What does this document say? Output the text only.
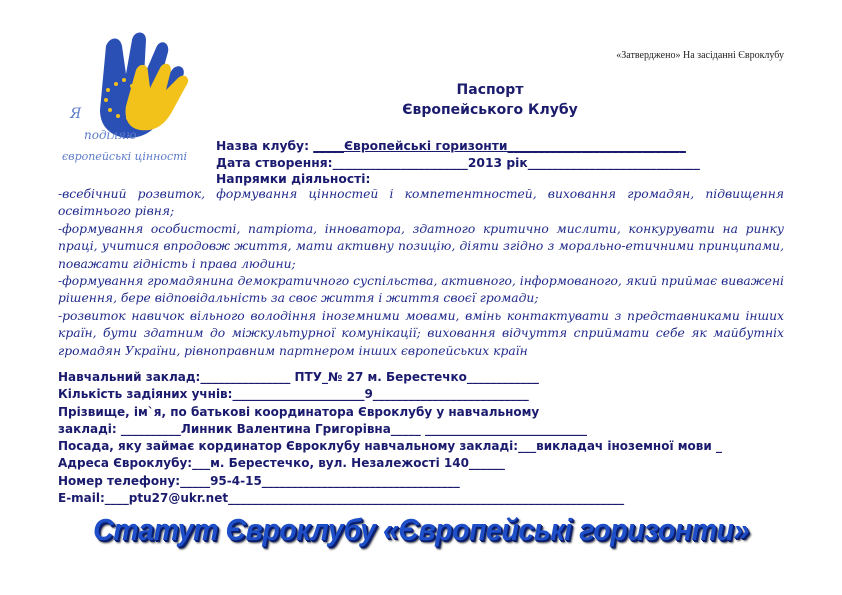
«Затверджено» На засіданні Євроклубу
Я
поділяю
європейські цінності
Паспорт
Європейського Клубу
Назва клубу: _____Європейські горизонти_____________________________
Дата створення:______________________2013 рік____________________________
Напрямки діяльності:

-всебічний розвиток, формування цінностей і компетентностей, виховання громадян, підвищення освітнього рівня;

-формування особистості, патріота, інноватора, здатного критично мислити, конкурувати на ринку праці, учитися впродовж життя, мати активну позицію, діяти згідно з морально-етичними принципами, поважати гідність і права людини;

-формування громадянина демократичного суспільства, активного, інформованого, який приймає виважені рішення, бере відповідальність за своє життя і життя своєї громади;

-розвиток навичок вільного володіння іноземними мовами, вмінь контактувати з представниками інших країн, бути здатним до міжкультурної комунікації; виховання відчуття сприймати себе як майбутніх громадян України, рівноправним партнером інших європейських країн

Навчальний заклад:_______________ ПТУ_№ 27 м. Берестечко____________
Кількість задіяних учнів:______________________9__________________________
Прізвище, ім`я, по батькові координатора Євроклубу у навчальному
закладі: __________Линник Валентина Григорівна_____ ___________________________
Посада, яку займає кординатор Євроклубу навчальному закладі:___викладач іноземної мови _
Адреса Євроклубу:___м. Берестечко, вул. Незалежості 140______
Номер телефону:_____95-4-15_________________________________
E-mail:____ptu27@ukr.net__________________________________________________________________
Статут Євроклубу «Європейські горизонти»
